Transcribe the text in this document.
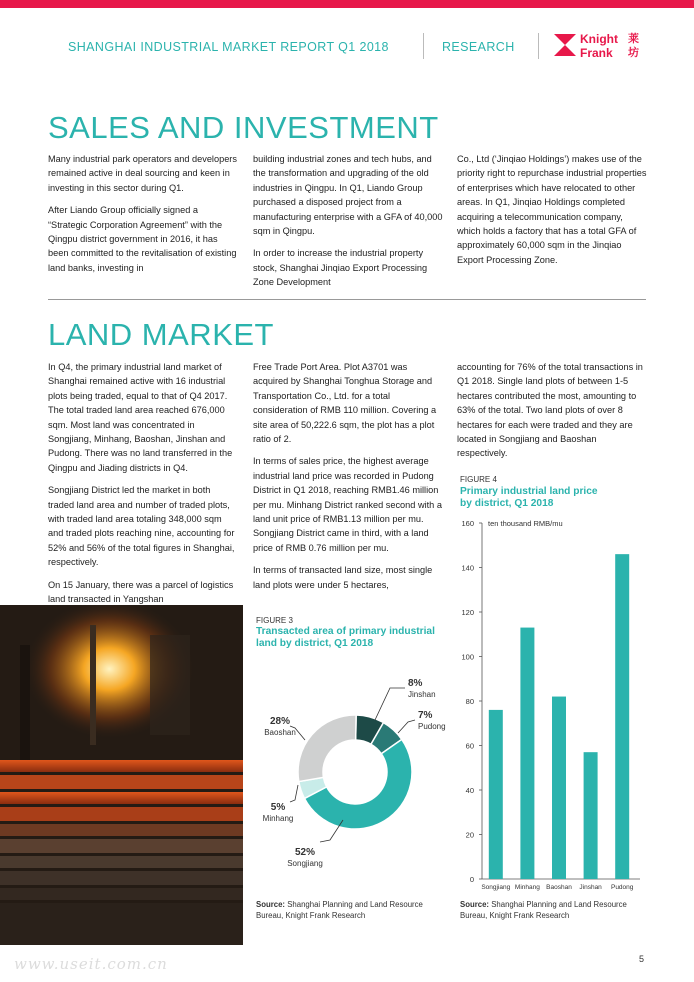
SHANGHAI INDUSTRIAL MARKET REPORT Q1 2018	RESEARCH
Knight
Frank
莱
坊
SALES AND INVESTMENT

Many industrial park operators and developers remained active in deal sourcing and keen in investing in this sector during Q1.

After Liando Group officially signed a “Strategic Corporation Agreement” with the Qingpu district government in 2016, it has been committed to the revitalisation of existing land banks, investing in

building industrial zones and tech hubs, and the transformation and upgrading of the old industries in Qingpu. In Q1, Liando Group purchased a disposed project from a manufacturing enterprise with a GFA of 40,000 sqm in Qingpu.

In order to increase the industrial property stock, Shanghai Jinqiao Export Processing Zone Development

Co., Ltd (‘Jinqiao Holdings’) makes use of the priority right to repurchase industrial properties of enterprises which have relocated to other areas. In Q1, Jinqiao Holdings completed acquiring a telecommunication company, which holds a factory that has a total GFA of approximately 60,000 sqm in the Jinqiao Export Processing Zone.

LAND MARKET

In Q4, the primary industrial land market of Shanghai remained active with 16 industrial plots being traded, equal to that of Q4 2017. The total traded land area reached 676,000 sqm. Most land was concentrated in Songjiang, Minhang, Baoshan, Jinshan and Pudong. There was no land transferred in the Qingpu and Jiading districts in Q4.

Songjiang District led the market in both traded land area and number of traded plots, with traded land area totaling 348,000 sqm and traded plots reaching nine, accounting for 52% and 56% of the total figures in Shanghai, respectively.

On 15 January, there was a parcel of logistics land transacted in Yangshan

Free Trade Port Area. Plot A3701 was acquired by Shanghai Tonghua Storage and Transportation Co., Ltd. for a total consideration of RMB 110 million. Covering a site area of 50,222.6 sqm, the plot has a plot ratio of 2.

In terms of sales price, the highest average industrial land price was recorded in Pudong District in Q1 2018, reaching RMB1.46 million per mu. Minhang District ranked second with a land unit price of RMB1.13 million per mu. Songjiang District came in third, with a land price of RMB 0.76 million per mu.

In terms of transacted land size, most single land plots were under 5 hectares,

accounting for 76% of the total transactions in Q1 2018. Single land plots of between 1-5 hectares contributed the most, amounting to 63% of the total. Two land plots of over 8 hectares for each were traded and they are located in Songjiang and Baoshan respectively.

FIGURE 3
Transacted area of primary industrial
land by district, Q1 2018
8%
Jinshan
7%
Pudong
52%
Songjiang
5%
Minhang
28%
Baoshan
Source: Shanghai Planning and Land Resource
Bureau, Knight Frank Research
FIGURE 4
Primary industrial land price
by district, Q1 2018
0
20
40
60
80
100
120
140
160 ten thousand RMB/mu
Songjiang Minhang Baoshan Jinshan Pudong
Source: Shanghai Planning and Land Resource
Bureau, Knight Frank Research
www.useit.com.cn	5
